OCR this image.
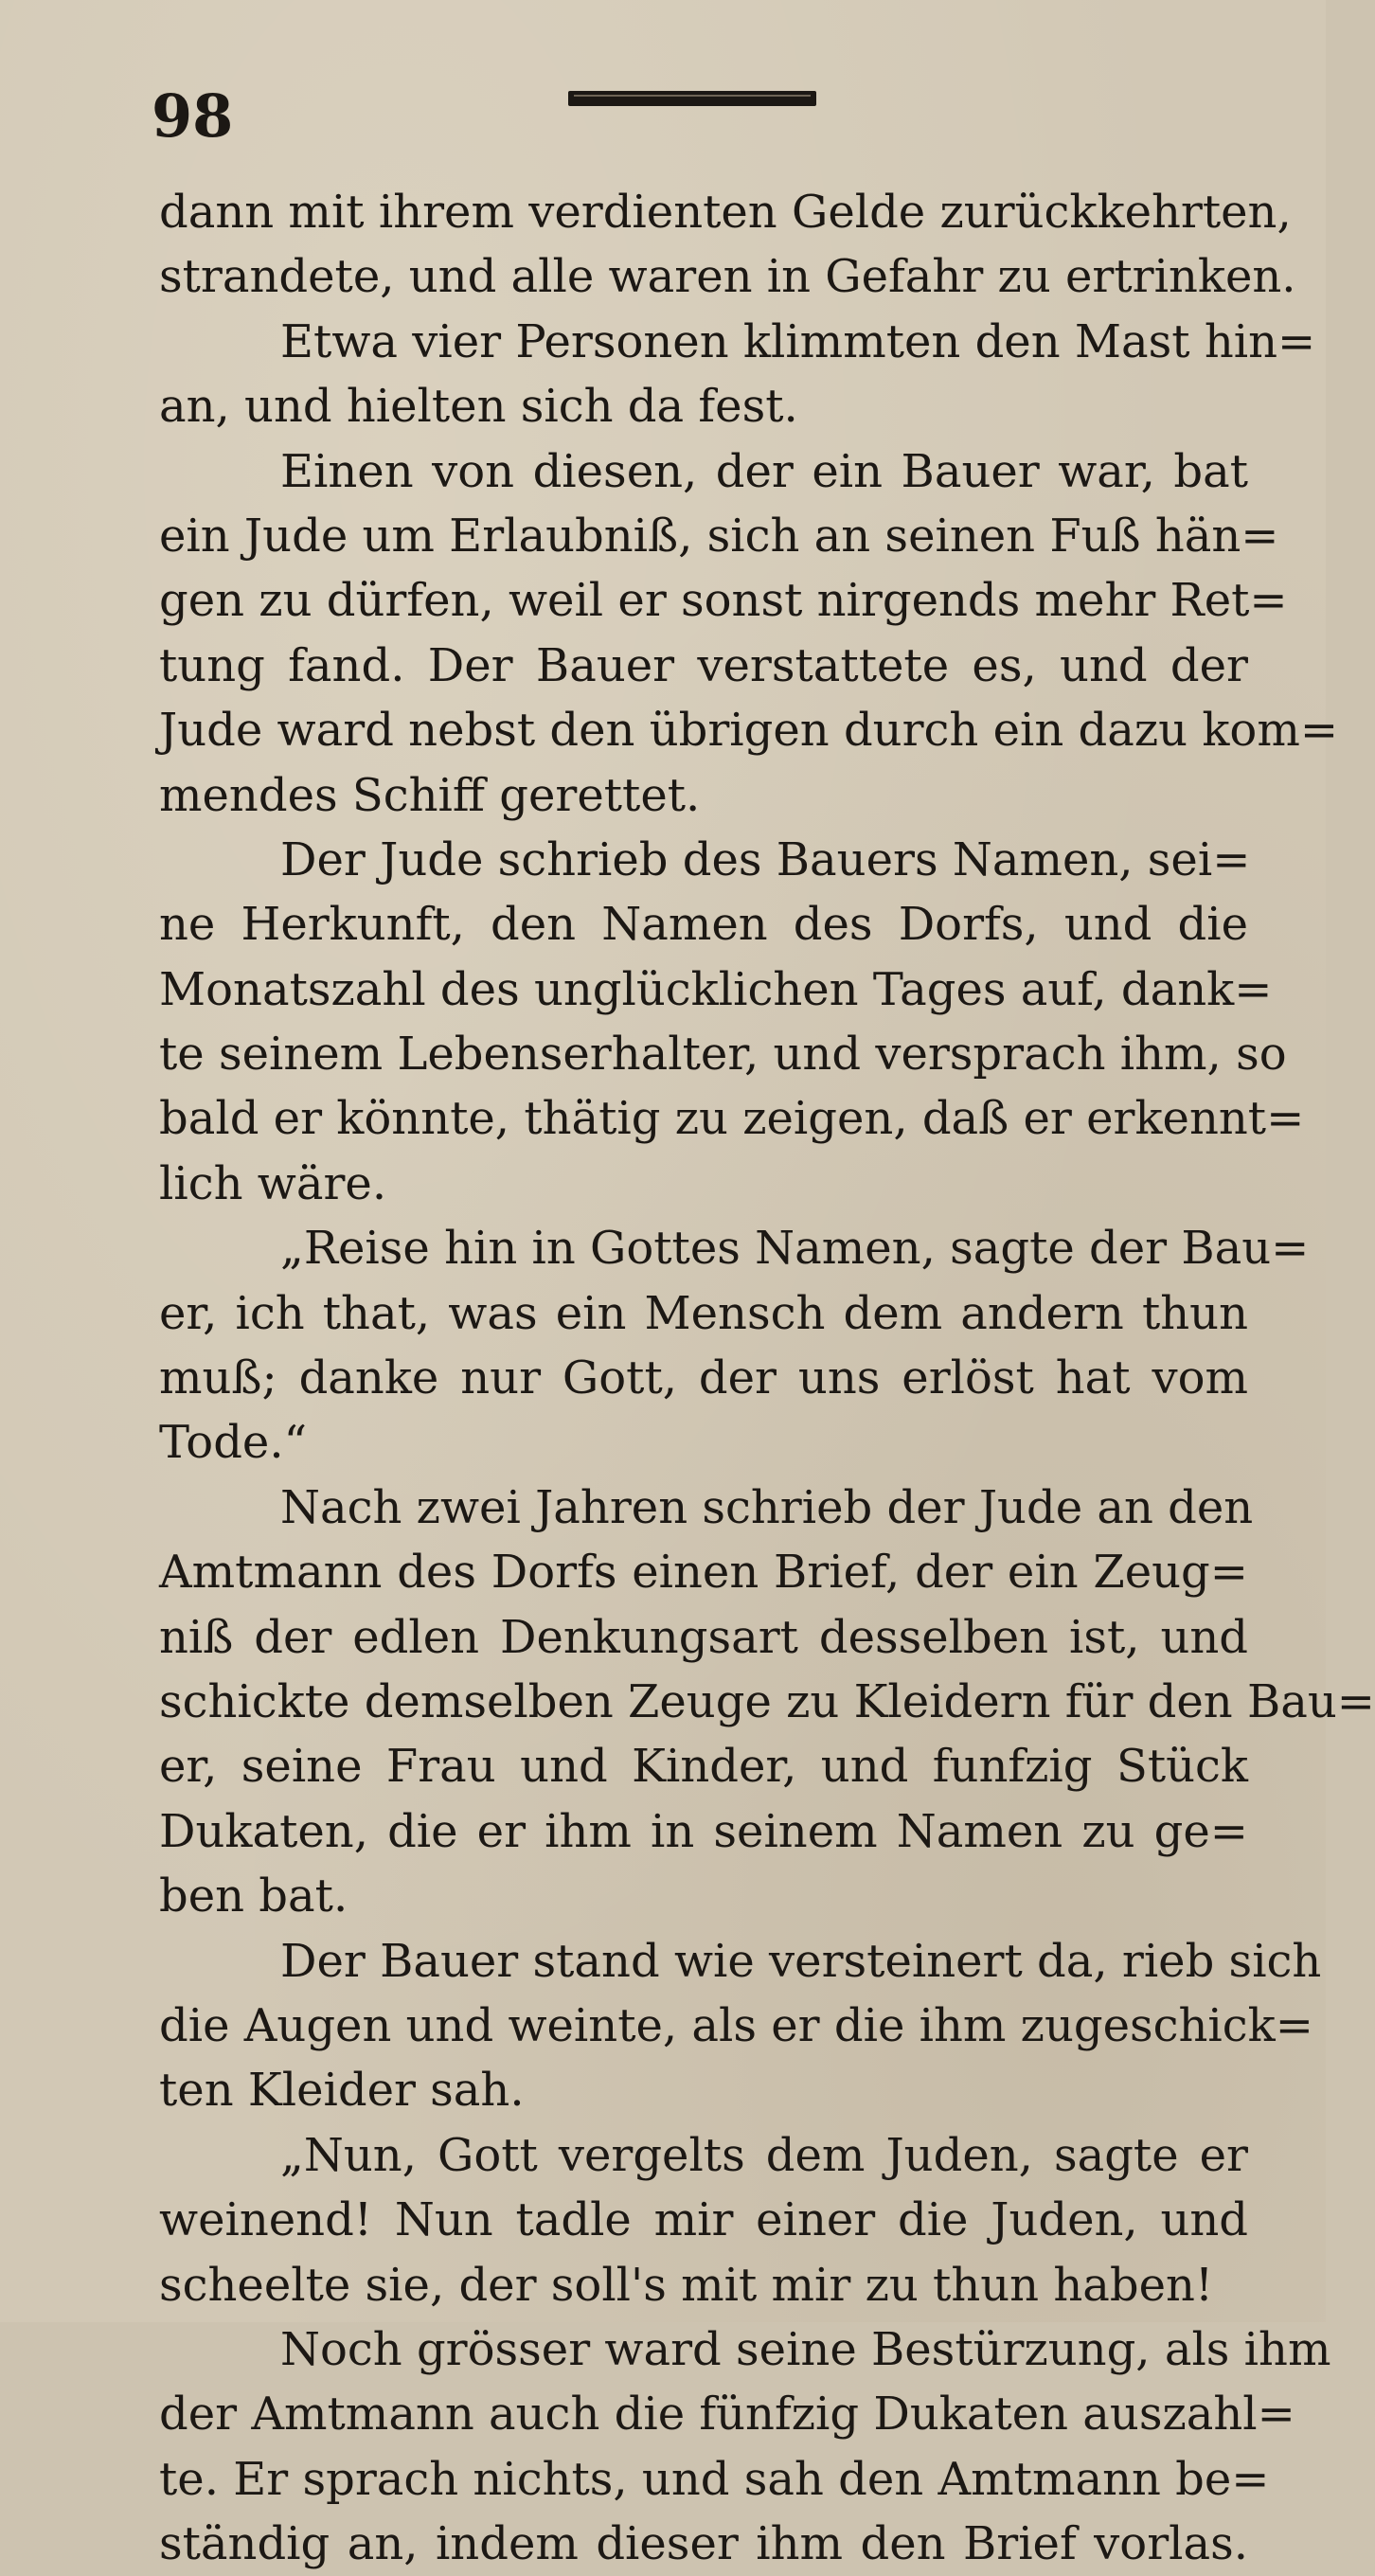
98
dann mit ihrem verdienten Gelde zurückkehrten,
strandete, und alle waren in Gefahr zu ertrinken.
Etwa vier Personen klimmten den Mast hin=
an, und hielten sich da fest.
Einen von diesen, der ein Bauer war, bat
ein Jude um Erlaubniß, sich an seinen Fuß hän=
gen zu dürfen, weil er sonst nirgends mehr Ret=
tung fand. Der Bauer verstattete es, und der
Jude ward nebst den übrigen durch ein dazu kom=
mendes Schiff gerettet.
Der Jude schrieb des Bauers Namen, sei=
ne Herkunft, den Namen des Dorfs, und die
Monatszahl des unglücklichen Tages auf, dank=
te seinem Lebenserhalter, und versprach ihm, so
bald er könnte, thätig zu zeigen, daß er erkennt=
lich wäre.
„Reise hin in Gottes Namen, sagte der Bau=
er, ich that, was ein Mensch dem andern thun
muß; danke nur Gott, der uns erlöst hat vom
Tode.“
Nach zwei Jahren schrieb der Jude an den
Amtmann des Dorfs einen Brief, der ein Zeug=
niß der edlen Denkungsart desselben ist, und
schickte demselben Zeuge zu Kleidern für den Bau=
er, seine Frau und Kinder, und funfzig Stück
Dukaten, die er ihm in seinem Namen zu ge=
ben bat.
Der Bauer stand wie versteinert da, rieb sich
die Augen und weinte, als er die ihm zugeschick=
ten Kleider sah.
„Nun, Gott vergelts dem Juden, sagte er
weinend! Nun tadle mir einer die Juden, und
scheelte sie, der soll's mit mir zu thun haben!
Noch grösser ward seine Bestürzung, als ihm
der Amtmann auch die fünfzig Dukaten auszahl=
te. Er sprach nichts, und sah den Amtmann be=
ständig an, indem dieser ihm den Brief vorlas.
